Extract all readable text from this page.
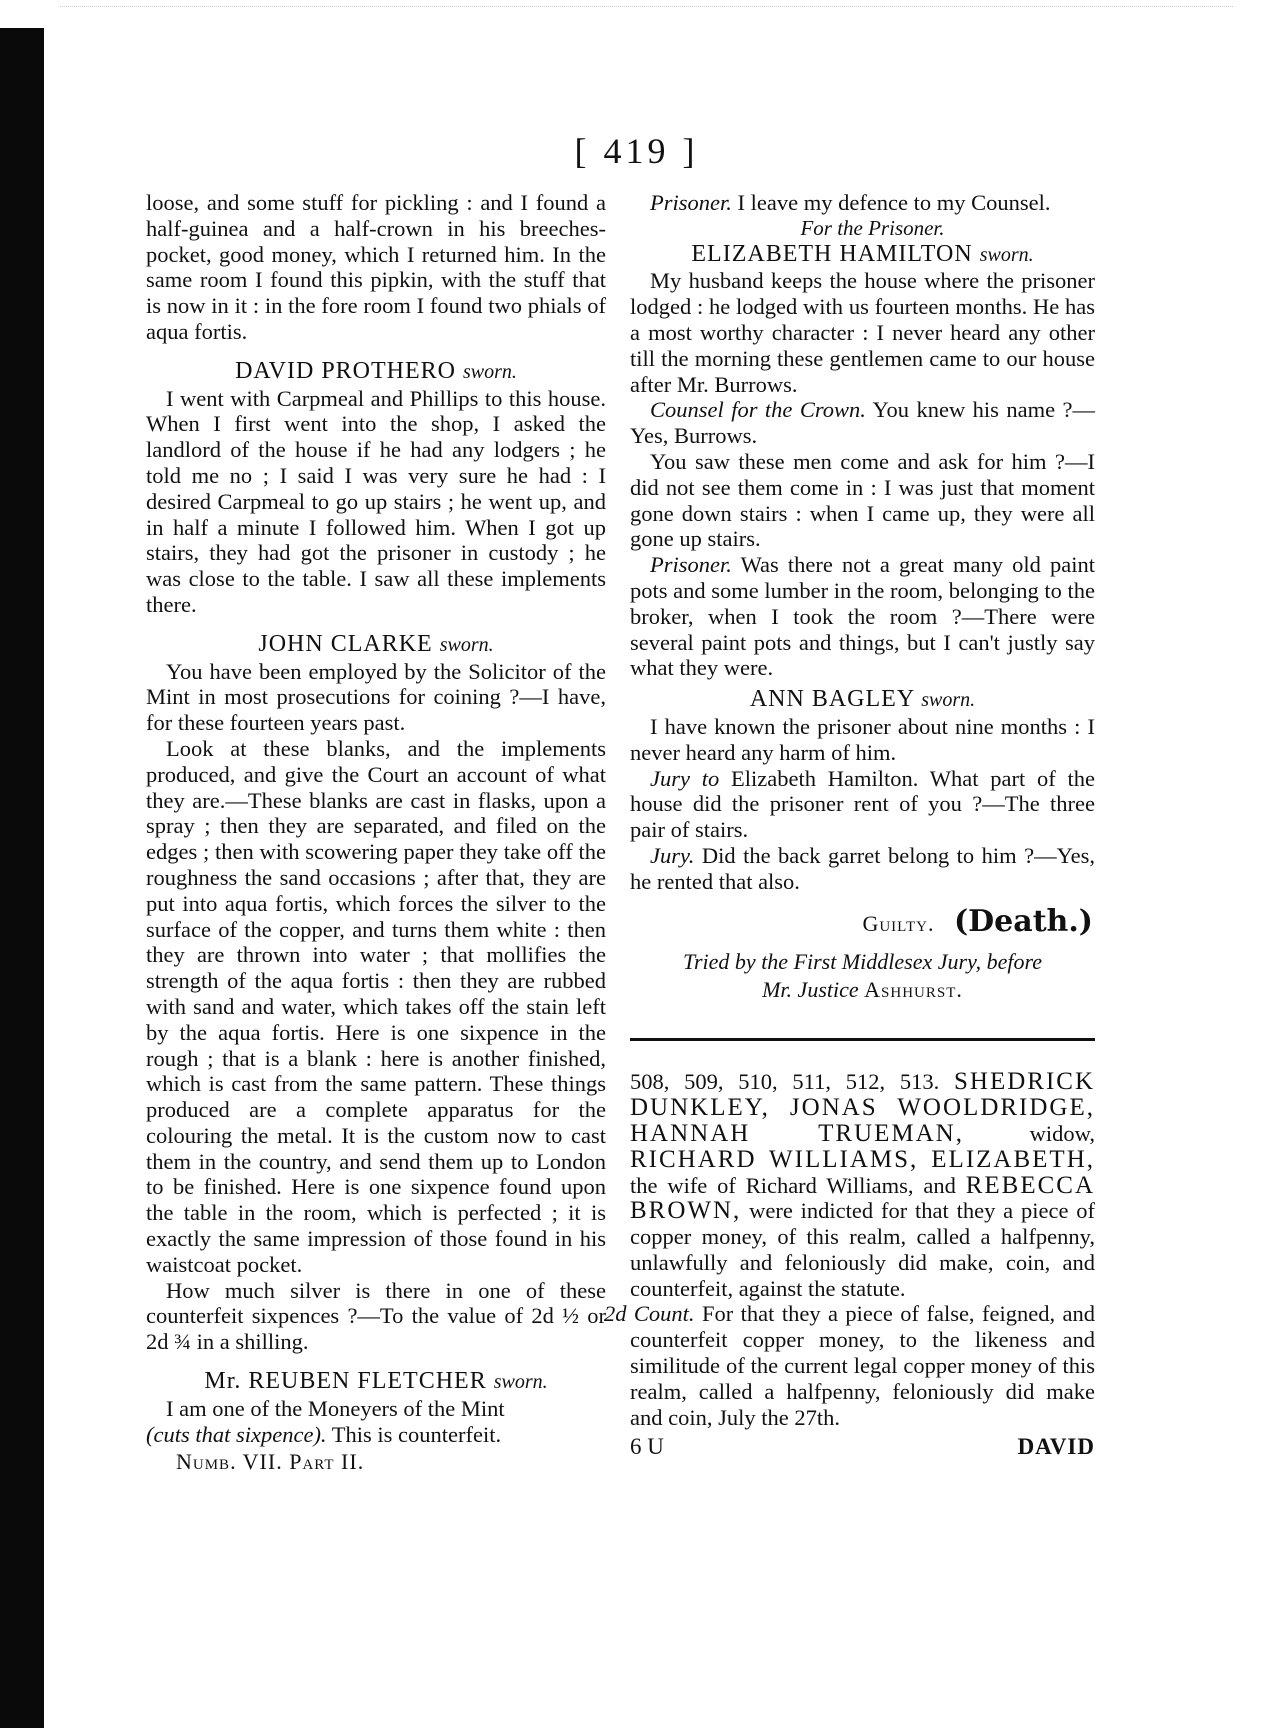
[ 419 ]

loose, and some stuff for pickling : and I found a half-guinea and a half-crown in his breeches-pocket, good money, which I returned him. In the same room I found this pipkin, with the stuff that is now in it : in the fore room I found two phials of aqua fortis.

DAVID PROTHERO sworn.

I went with Carpmeal and Phillips to this house. When I first went into the shop, I asked the landlord of the house if he had any lodgers ; he told me no ; I said I was very sure he had : I desired Carpmeal to go up stairs ; he went up, and in half a minute I followed him. When I got up stairs, they had got the prisoner in custody ; he was close to the table. I saw all these implements there.

JOHN CLARKE sworn.

You have been employed by the Solicitor of the Mint in most prosecutions for coining ?—I have, for these fourteen years past.

Look at these blanks, and the implements produced, and give the Court an account of what they are.—These blanks are cast in flasks, upon a spray ; then they are separated, and filed on the edges ; then with scowering paper they take off the roughness the sand occasions ; after that, they are put into aqua fortis, which forces the silver to the surface of the copper, and turns them white : then they are thrown into water ; that mollifies the strength of the aqua fortis : then they are rubbed with sand and water, which takes off the stain left by the aqua fortis. Here is one sixpence in the rough ; that is a blank : here is another finished, which is cast from the same pattern. These things produced are a complete apparatus for the colouring the metal. It is the custom now to cast them in the country, and send them up to London to be finished. Here is one sixpence found upon the table in the room, which is perfected ; it is exactly the same impression of those found in his waistcoat pocket.

How much silver is there in one of these counterfeit sixpences ?—To the value of 2d ½ or 2d ¾ in a shilling.

Mr. REUBEN FLETCHER sworn.

I am one of the Moneyers of the Mint
(cuts that sixpence). This is counterfeit.

Numb. VII. Part II.

Prisoner. I leave my defence to my Counsel.

For the Prisoner.

ELIZABETH HAMILTON sworn.

My husband keeps the house where the prisoner lodged : he lodged with us fourteen months. He has a most worthy character : I never heard any other till the morning these gentlemen came to our house after Mr. Burrows.

Counsel for the Crown. You knew his name ?—Yes, Burrows.

You saw these men come and ask for him ?—I did not see them come in : I was just that moment gone down stairs : when I came up, they were all gone up stairs.

Prisoner. Was there not a great many old paint pots and some lumber in the room, belonging to the broker, when I took the room ?—There were several paint pots and things, but I can't justly say what they were.

ANN BAGLEY sworn.

I have known the prisoner about nine months : I never heard any harm of him.

Jury to Elizabeth Hamilton. What part of the house did the prisoner rent of you ?—The three pair of stairs.

Jury. Did the back garret belong to him ?—Yes, he rented that also.

Guilty. (Death.)
Tried by the First Middlesex Jury, before
Mr. Justice Ashhurst.

508, 509, 510, 511, 512, 513. SHEDRICK DUNKLEY, JONAS WOOLDRIDGE, HANNAH TRUEMAN, widow, RICHARD WILLIAMS, ELIZABETH, the wife of Richard Williams, and REBECCA BROWN, were indicted for that they a piece of copper money, of this realm, called a halfpenny, unlawfully and feloniously did make, coin, and counterfeit, against the statute.

2d Count. For that they a piece of false, feigned, and counterfeit copper money, to the likeness and similitude of the current legal copper money of this realm, called a halfpenny, feloniously did make and coin, July the 27th.

6 U	DAVID
